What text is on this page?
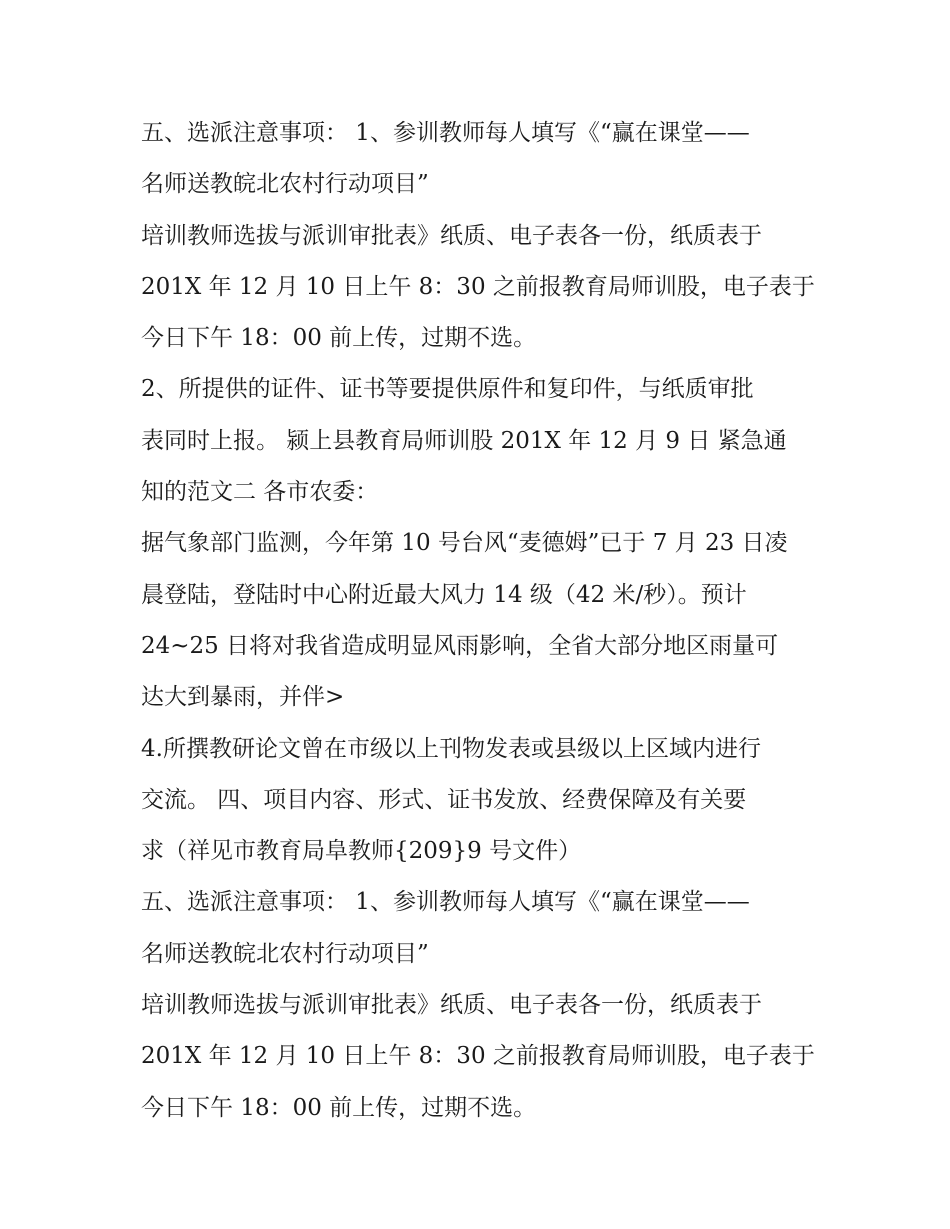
五、选派注意事项： 1、参训教师每人填写《“赢在课堂——
名师送教皖北农村行动项目”
培训教师选拔与派训审批表》纸质、电子表各一份，纸质表于
201X 年 12 月 10 日上午 8：30 之前报教育局师训股，电子表于
今日下午 18：00 前上传，过期不选。
2、所提供的证件、证书等要提供原件和复印件，与纸质审批
表同时上报。 颍上县教育局师训股 201X 年 12 月 9 日 紧急通
知的范文二 各市农委：
据气象部门监测，今年第 10 号台风“麦德姆”已于 7 月 23 日凌
晨登陆，登陆时中心附近最大风力 14 级（42 米/秒）。预计
24~25 日将对我省造成明显风雨影响，全省大部分地区雨量可
达大到暴雨，并伴>
4.所撰教研论文曾在市级以上刊物发表或县级以上区域内进行
交流。 四、项目内容、形式、证书发放、经费保障及有关要
求（祥见市教育局阜教师{209}9 号文件）
五、选派注意事项： 1、参训教师每人填写《“赢在课堂——
名师送教皖北农村行动项目”
培训教师选拔与派训审批表》纸质、电子表各一份，纸质表于
201X 年 12 月 10 日上午 8：30 之前报教育局师训股，电子表于
今日下午 18：00 前上传，过期不选。
